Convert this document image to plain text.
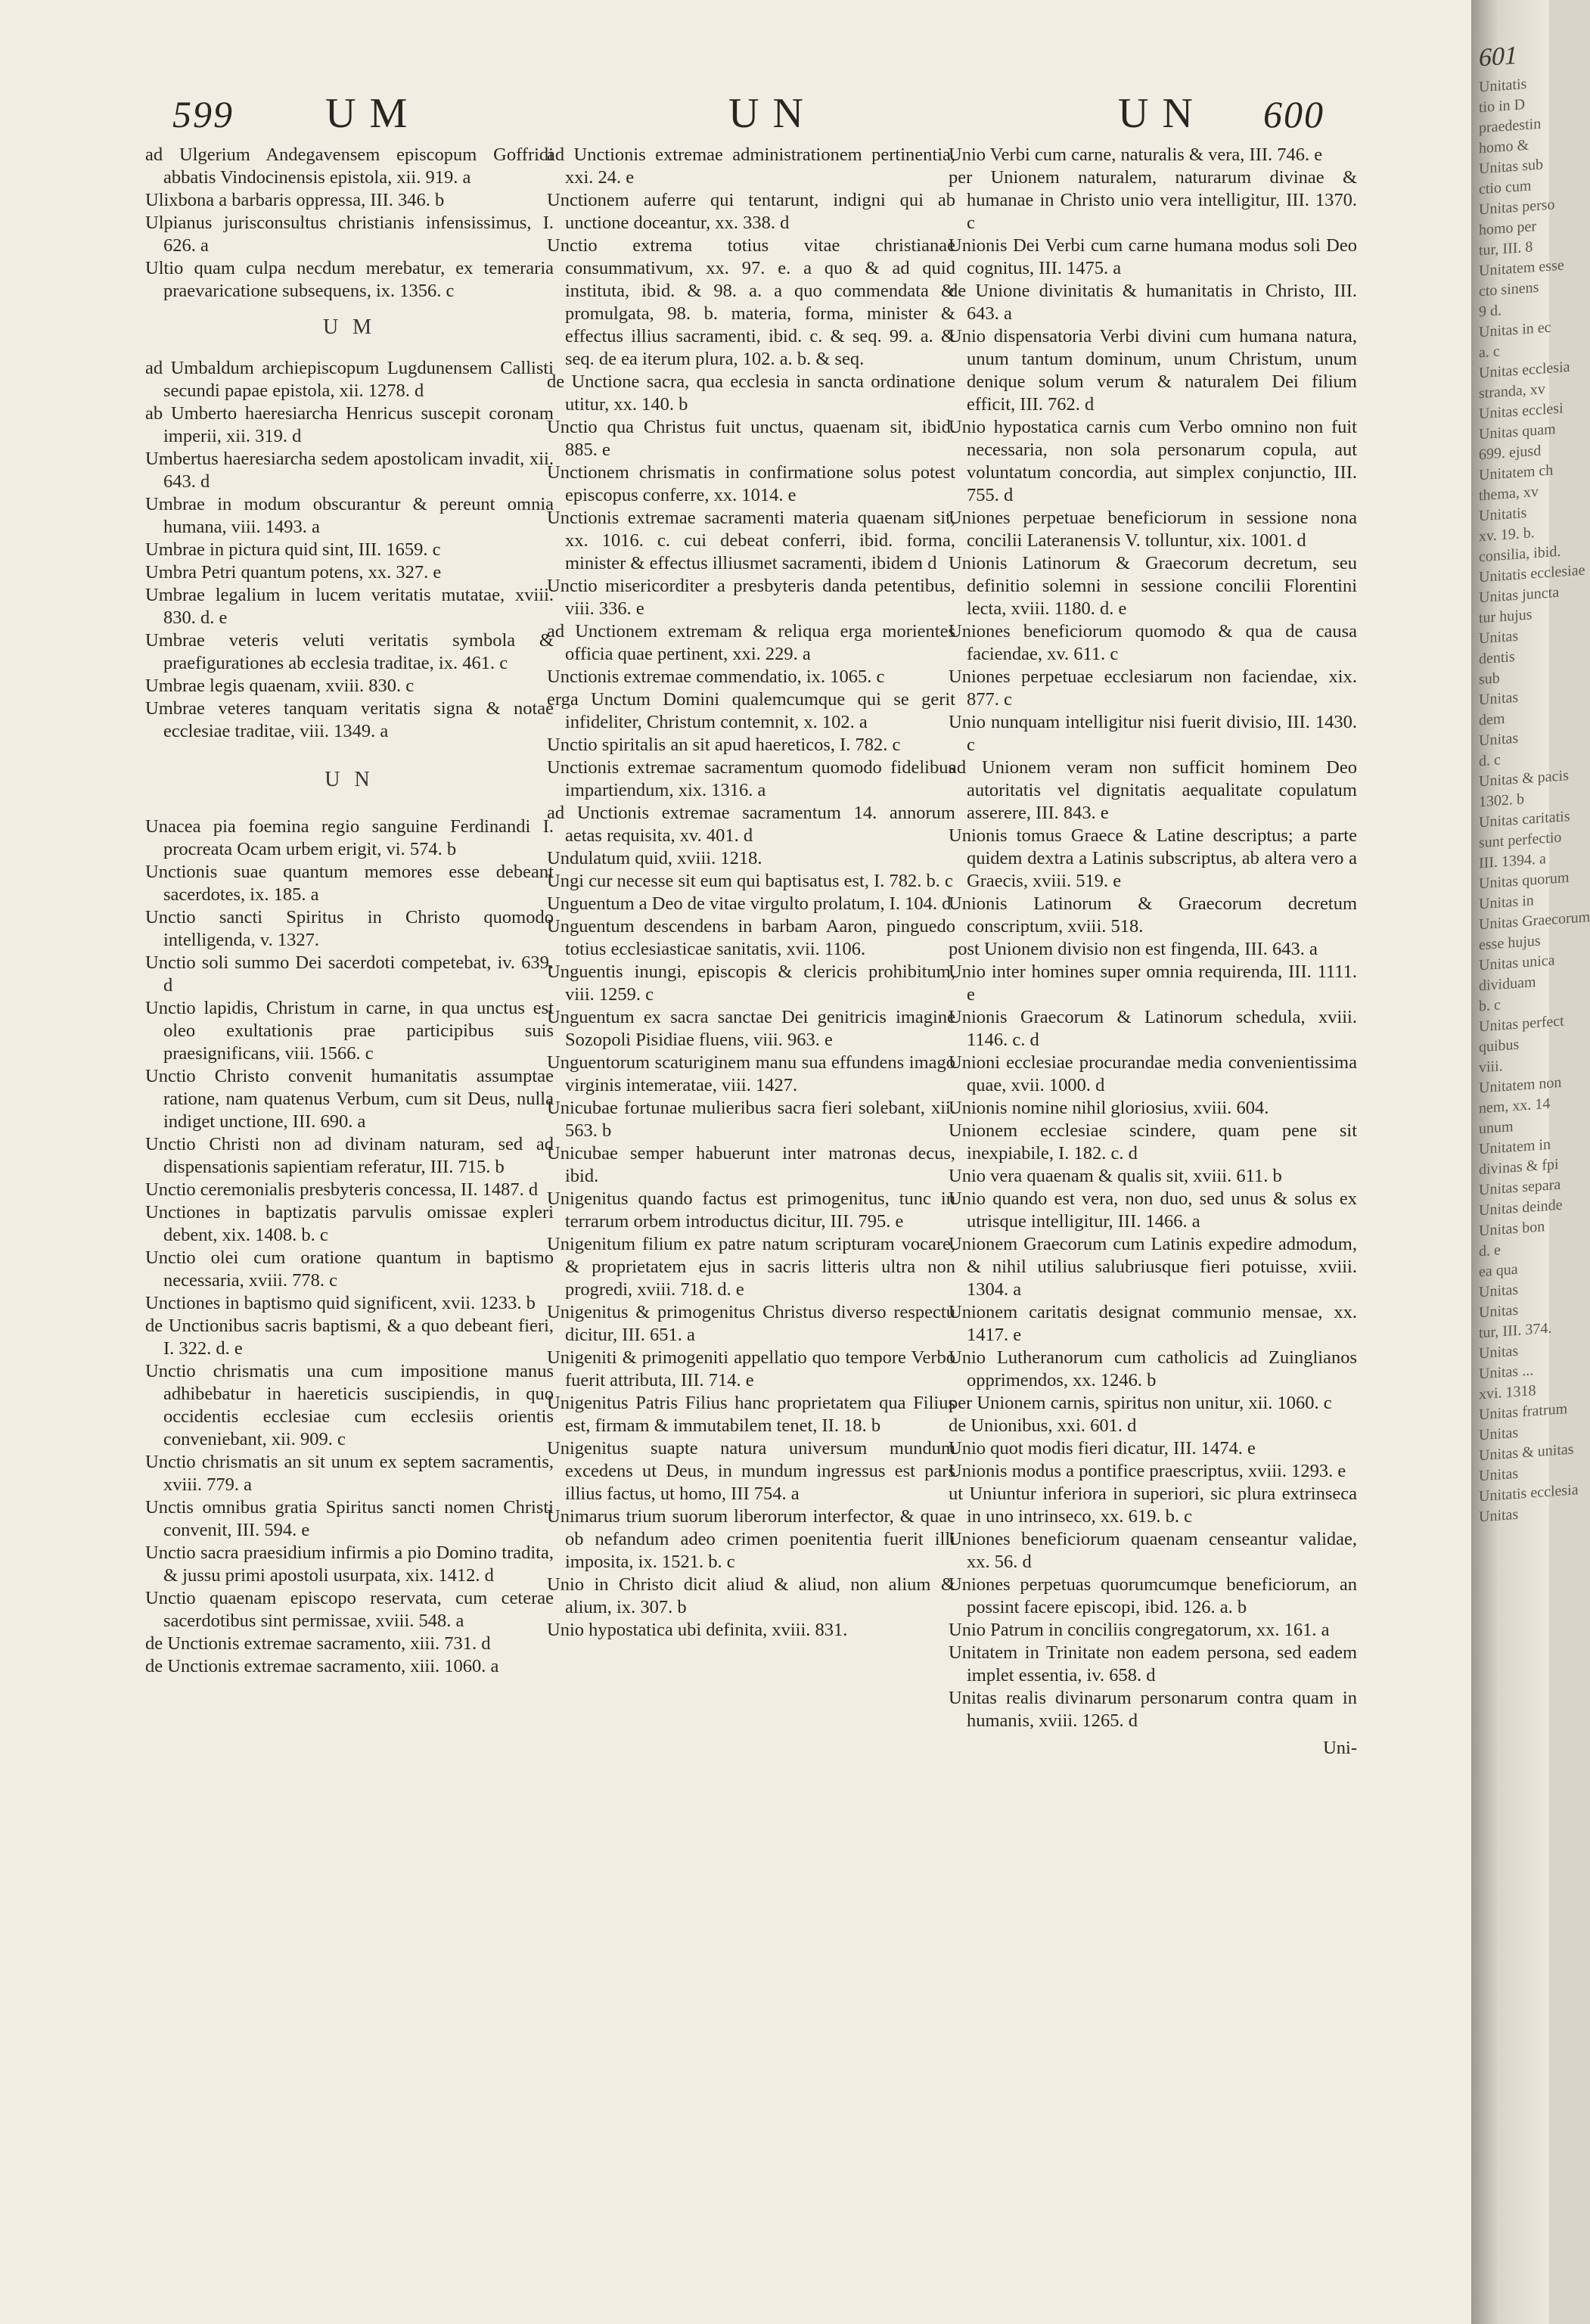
599 U M	U N	U N 600

ad Ulgerium Andegavensem episcopum Goffridi abbatis Vindocinensis epistola, xii. 919. a

Ulixbona a barbaris oppressa, III. 346. b

Ulpianus jurisconsultus christianis infensissimus, I. 626. a

Ultio quam culpa necdum merebatur, ex temeraria praevaricatione subsequens, ix. 1356. c

U M

ad Umbaldum archiepiscopum Lugdunensem Callisti secundi papae epistola, xii. 1278. d

ab Umberto haeresiarcha Henricus suscepit coronam imperii, xii. 319. d

Umbertus haeresiarcha sedem apostolicam invadit, xii. 643. d

Umbrae in modum obscurantur & pereunt omnia humana, viii. 1493. a

Umbrae in pictura quid sint, III. 1659. c

Umbra Petri quantum potens, xx. 327. e

Umbrae legalium in lucem veritatis mutatae, xviii. 830. d. e

Umbrae veteris veluti veritatis symbola & praefigurationes ab ecclesia traditae, ix. 461. c

Umbrae legis quaenam, xviii. 830. c

Umbrae veteres tanquam veritatis signa & notae ecclesiae traditae, viii. 1349. a

U N

Unacea pia foemina regio sanguine Ferdinandi I. procreata Ocam urbem erigit, vi. 574. b

Unctionis suae quantum memores esse debeant sacerdotes, ix. 185. a

Unctio sancti Spiritus in Christo quomodo intelligenda, v. 1327.

Unctio soli summo Dei sacerdoti competebat, iv. 639. d

Unctio lapidis, Christum in carne, in qua unctus est oleo exultationis prae participibus suis praesignificans, viii. 1566. c

Unctio Christo convenit humanitatis assumptae ratione, nam quatenus Verbum, cum sit Deus, nulla indiget unctione, III. 690. a

Unctio Christi non ad divinam naturam, sed ad dispensationis sapientiam referatur, III. 715. b

Unctio ceremonialis presbyteris concessa, II. 1487. d

Unctiones in baptizatis parvulis omissae expleri debent, xix. 1408. b. c

Unctio olei cum oratione quantum in baptismo necessaria, xviii. 778. c

Unctiones in baptismo quid significent, xvii. 1233. b

de Unctionibus sacris baptismi, & a quo debeant fieri, I. 322. d. e

Unctio chrismatis una cum impositione manus adhibebatur in haereticis suscipiendis, in quo occidentis ecclesiae cum ecclesiis orientis conveniebant, xii. 909. c

Unctio chrismatis an sit unum ex septem sacramentis, xviii. 779. a

Unctis omnibus gratia Spiritus sancti nomen Christi convenit, III. 594. e

Unctio sacra praesidium infirmis a pio Domino tradita, & jussu primi apostoli usurpata, xix. 1412. d

Unctio quaenam episcopo reservata, cum ceterae sacerdotibus sint permissae, xviii. 548. a

de Unctionis extremae sacramento, xiii. 731. d

de Unctionis extremae sacramento, xiii. 1060. a

ad Unctionis extremae administrationem pertinentia, xxi. 24. e

Unctionem auferre qui tentarunt, indigni qui ab unctione doceantur, xx. 338. d

Unctio extrema totius vitae christianae consummativum, xx. 97. e. a quo & ad quid instituta, ibid. & 98. a. a quo commendata & promulgata, 98. b. materia, forma, minister & effectus illius sacramenti, ibid. c. & seq. 99. a. & seq. de ea iterum plura, 102. a. b. & seq.

de Unctione sacra, qua ecclesia in sancta ordinatione utitur, xx. 140. b

Unctio qua Christus fuit unctus, quaenam sit, ibid. 885. e

Unctionem chrismatis in confirmatione solus potest episcopus conferre, xx. 1014. e

Unctionis extremae sacramenti materia quaenam sit, xx. 1016. c. cui debeat conferri, ibid. forma, minister & effectus illiusmet sacramenti, ibidem d

Unctio misericorditer a presbyteris danda petentibus, viii. 336. e

ad Unctionem extremam & reliqua erga morientes officia quae pertinent, xxi. 229. a

Unctionis extremae commendatio, ix. 1065. c

erga Unctum Domini qualemcumque qui se gerit infideliter, Christum contemnit, x. 102. a

Unctio spiritalis an sit apud haereticos, I. 782. c

Unctionis extremae sacramentum quomodo fidelibus impartiendum, xix. 1316. a

ad Unctionis extremae sacramentum 14. annorum aetas requisita, xv. 401. d

Undulatum quid, xviii. 1218.

Ungi cur necesse sit eum qui baptisatus est, I. 782. b. c

Unguentum a Deo de vitae virgulto prolatum, I. 104. d

Unguentum descendens in barbam Aaron, pinguedo totius ecclesiasticae sanitatis, xvii. 1106.

Unguentis inungi, episcopis & clericis prohibitum, viii. 1259. c

Unguentum ex sacra sanctae Dei genitricis imagine Sozopoli Pisidiae fluens, viii. 963. e

Unguentorum scaturiginem manu sua effundens imago virginis intemeratae, viii. 1427.

Unicubae fortunae mulieribus sacra fieri solebant, xii. 563. b

Unicubae semper habuerunt inter matronas decus, ibid.

Unigenitus quando factus est primogenitus, tunc in terrarum orbem introductus dicitur, III. 795. e

Unigenitum filium ex patre natum scripturam vocare, & proprietatem ejus in sacris litteris ultra non progredi, xviii. 718. d. e

Unigenitus & primogenitus Christus diverso respectu dicitur, III. 651. a

Unigeniti & primogeniti appellatio quo tempore Verbo fuerit attributa, III. 714. e

Unigenitus Patris Filius hanc proprietatem qua Filius est, firmam & immutabilem tenet, II. 18. b

Unigenitus suapte natura universum mundum excedens ut Deus, in mundum ingressus est pars illius factus, ut homo, III 754. a

Unimarus trium suorum liberorum interfector, & quae ob nefandum adeo crimen poenitentia fuerit illi imposita, ix. 1521. b. c

Unio in Christo dicit aliud & aliud, non alium & alium, ix. 307. b

Unio hypostatica ubi definita, xviii. 831.

Unio Verbi cum carne, naturalis & vera, III. 746. e

per Unionem naturalem, naturarum divinae & humanae in Christo unio vera intelligitur, III. 1370. c

Unionis Dei Verbi cum carne humana modus soli Deo cognitus, III. 1475. a

de Unione divinitatis & humanitatis in Christo, III. 643. a

Unio dispensatoria Verbi divini cum humana natura, unum tantum dominum, unum Christum, unum denique solum verum & naturalem Dei filium efficit, III. 762. d

Unio hypostatica carnis cum Verbo omnino non fuit necessaria, non sola personarum copula, aut voluntatum concordia, aut simplex conjunctio, III. 755. d

Uniones perpetuae beneficiorum in sessione nona concilii Lateranensis V. tolluntur, xix. 1001. d

Unionis Latinorum & Graecorum decretum, seu definitio solemni in sessione concilii Florentini lecta, xviii. 1180. d. e

Uniones beneficiorum quomodo & qua de causa faciendae, xv. 611. c

Uniones perpetuae ecclesiarum non faciendae, xix. 877. c

Unio nunquam intelligitur nisi fuerit divisio, III. 1430. c

ad Unionem veram non sufficit hominem Deo autoritatis vel dignitatis aequalitate copulatum asserere, III. 843. e

Unionis tomus Graece & Latine descriptus; a parte quidem dextra a Latinis subscriptus, ab altera vero a Graecis, xviii. 519. e

Unionis Latinorum & Graecorum decretum conscriptum, xviii. 518.

post Unionem divisio non est fingenda, III. 643. a

Unio inter homines super omnia requirenda, III. 1111. e

Unionis Graecorum & Latinorum schedula, xviii. 1146. c. d

Unioni ecclesiae procurandae media convenientissima quae, xvii. 1000. d

Unionis nomine nihil gloriosius, xviii. 604.

Unionem ecclesiae scindere, quam pene sit inexpiabile, I. 182. c. d

Unio vera quaenam & qualis sit, xviii. 611. b

Unio quando est vera, non duo, sed unus & solus ex utrisque intelligitur, III. 1466. a

Unionem Graecorum cum Latinis expedire admodum, & nihil utilius salubriusque fieri potuisse, xviii. 1304. a

Unionem caritatis designat communio mensae, xx. 1417. e

Unio Lutheranorum cum catholicis ad Zuinglianos opprimendos, xx. 1246. b

per Unionem carnis, spiritus non unitur, xii. 1060. c

de Unionibus, xxi. 601. d

Unio quot modis fieri dicatur, III. 1474. e

Unionis modus a pontifice praescriptus, xviii. 1293. e

ut Uniuntur inferiora in superiori, sic plura extrinseca in uno intrinseco, xx. 619. b. c

Uniones beneficiorum quaenam censeantur validae, xx. 56. d

Uniones perpetuas quorumcumque beneficiorum, an possint facere episcopi, ibid. 126. a. b

Unio Patrum in conciliis congregatorum, xx. 161. a

Unitatem in Trinitate non eadem persona, sed eadem implet essentia, iv. 658. d

Unitas realis divinarum personarum contra quam in humanis, xviii. 1265. d

Uni-
601
Unitatis
tio in D
praedestin
homo &
Unitas sub
ctio cum
Unitas perso
homo per
tur, III. 8
Unitatem esse
cto sinens
9 d.
Unitas in ec
a. c
Unitas ecclesia
stranda, xv
Unitas ecclesi
Unitas quam
699. ejusd
Unitatem ch
thema, xv
Unitatis
xv. 19. b.
consilia, ibid.
Unitatis ecclesiae
Unitas juncta
tur hujus
Unitas
dentis
sub
Unitas
dem
Unitas
d. c
Unitas & pacis
1302. b
Unitas caritatis
sunt perfectio
III. 1394. a
Unitas quorum
Unitas in
Unitas Graecorum
esse hujus
Unitas unica
dividuam
b. c
Unitas perfect
quibus
viii.
Unitatem non
nem, xx. 14
unum
Unitatem in
divinas & fpi
Unitas separa
Unitas deinde
Unitas bon
d. e
ea qua
Unitas
Unitas
tur, III. 374.
Unitas
Unitas ...
xvi. 1318
Unitas fratrum
Unitas
Unitas & unitas
Unitas
Unitatis ecclesia
Unitas
